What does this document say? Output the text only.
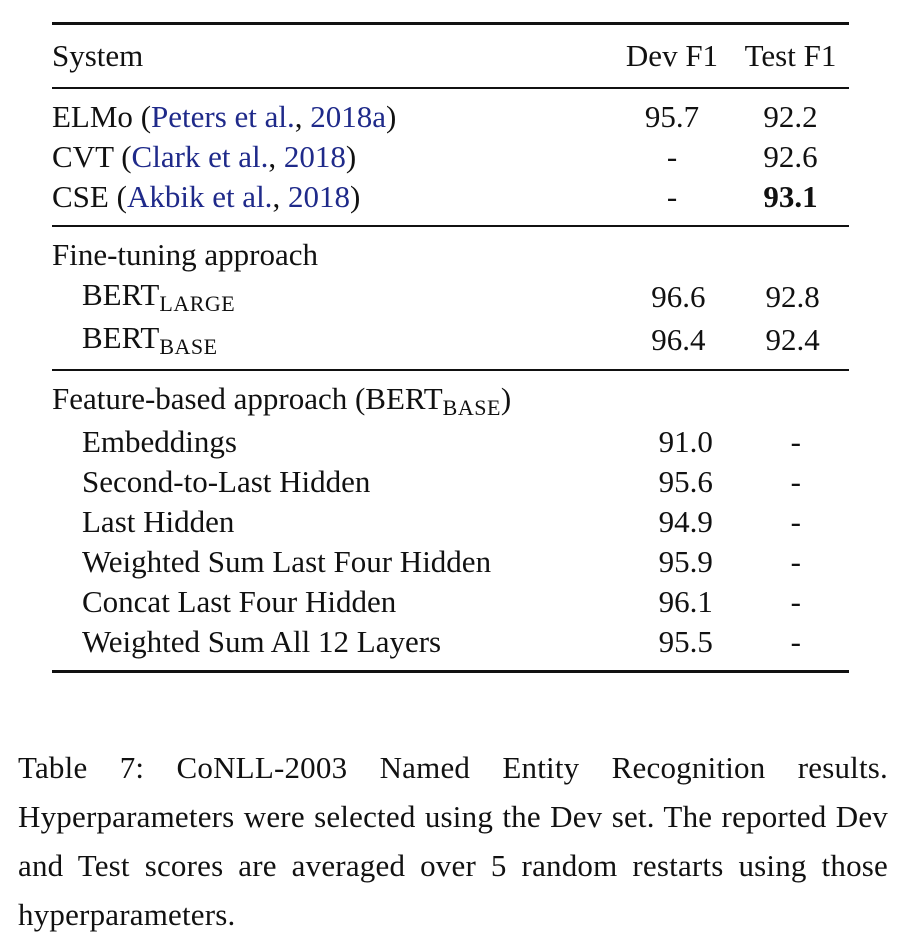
System	Dev F1	Test F1
ELMo (Peters et al., 2018a)	95.7	92.2
CVT (Clark et al., 2018)	-	92.6
CSE (Akbik et al., 2018)	-	93.1
Fine-tuning approach		
BERTLARGE	96.6	92.8
BERTBASE	96.4	92.4
Feature-based approach (BERTBASE)		
Embeddings	91.0	-
Second-to-Last Hidden	95.6	-
Last Hidden	94.9	-
Weighted Sum Last Four Hidden	95.9	-
Concat Last Four Hidden	96.1	-
Weighted Sum All 12 Layers	95.5	-

Table 7: CoNLL-2003 Named Entity Recognition results. Hyperparameters were selected using the Dev set. The reported Dev and Test scores are averaged over 5 random restarts using those hyperparameters.
